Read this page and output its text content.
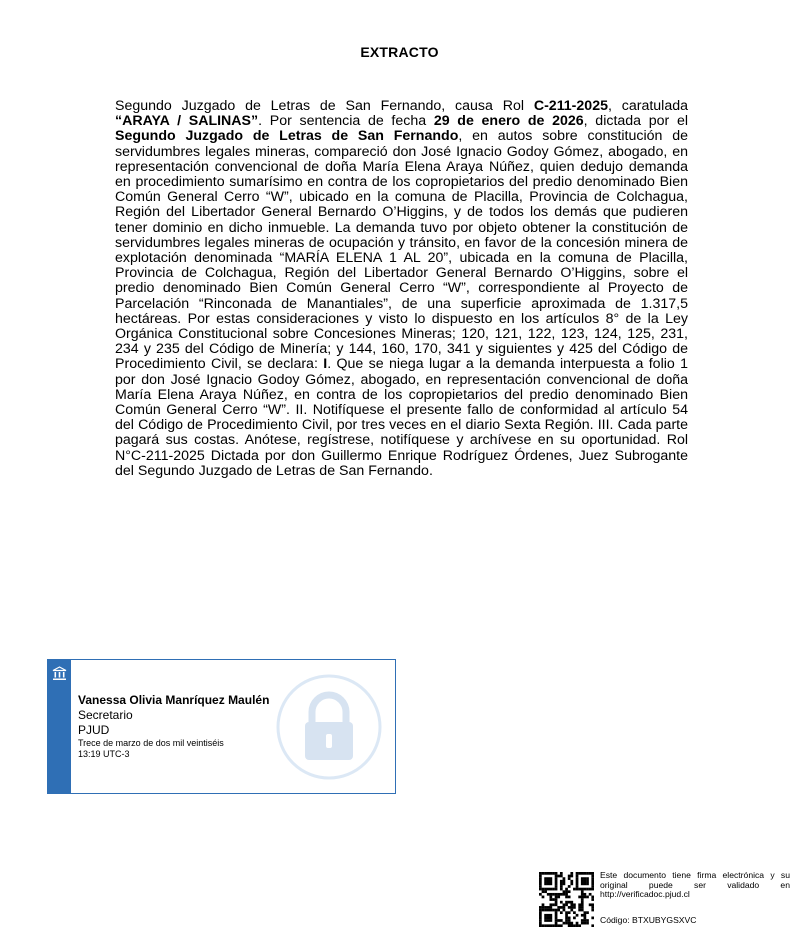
EXTRACTO
Segundo Juzgado de Letras de San Fernando, causa Rol C-211-2025, caratulada “ARAYA / SALINAS”. Por sentencia de fecha 29 de enero de 2026, dictada por el Segundo Juzgado de Letras de San Fernando, en autos sobre constitución de servidumbres legales mineras, compareció don José Ignacio Godoy Gómez, abogado, en representación convencional de doña María Elena Araya Núñez, quien dedujo demanda en procedimiento sumarísimo en contra de los copropietarios del predio denominado Bien Común General Cerro “W”, ubicado en la comuna de Placilla, Provincia de Colchagua, Región del Libertador General Bernardo O’Higgins, y de todos los demás que pudieren tener dominio en dicho inmueble. La demanda tuvo por objeto obtener la constitución de servidumbres legales mineras de ocupación y tránsito, en favor de la concesión minera de explotación denominada “MARÍA ELENA 1 AL 20”, ubicada en la comuna de Placilla, Provincia de Colchagua, Región del Libertador General Bernardo O’Higgins, sobre el predio denominado Bien Común General Cerro “W”, correspondiente al Proyecto de Parcelación “Rinconada de Manantiales”, de una superficie aproximada de 1.317,5 hectáreas. Por estas consideraciones y visto lo dispuesto en los artículos 8° de la Ley Orgánica Constitucional sobre Concesiones Mineras; 120, 121, 122, 123, 124, 125, 231, 234 y 235 del Código de Minería; y 144, 160, 170, 341 y siguientes y 425 del Código de Procedimiento Civil, se declara: I. Que se niega lugar a la demanda interpuesta a folio 1 por don José Ignacio Godoy Gómez, abogado, en representación convencional de doña María Elena Araya Núñez, en contra de los copropietarios del predio denominado Bien Común General Cerro “W”. II. Notifíquese el presente fallo de conformidad al artículo 54 del Código de Procedimiento Civil, por tres veces en el diario Sexta Región. III. Cada parte pagará sus costas. Anótese, regístrese, notifíquese y archívese en su oportunidad. Rol N°C-211-2025 Dictada por don Guillermo Enrique Rodríguez Órdenes, Juez Subrogante del Segundo Juzgado de Letras de San Fernando.
Vanessa Olivia Manríquez Maulén
Secretario
PJUD
Trece de marzo de dos mil veintiséis
13:19 UTC-3
Este documento tiene firma electrónica y su original puede ser validado en http://verificadoc.pjud.cl
Código: BTXUBYGSXVC
